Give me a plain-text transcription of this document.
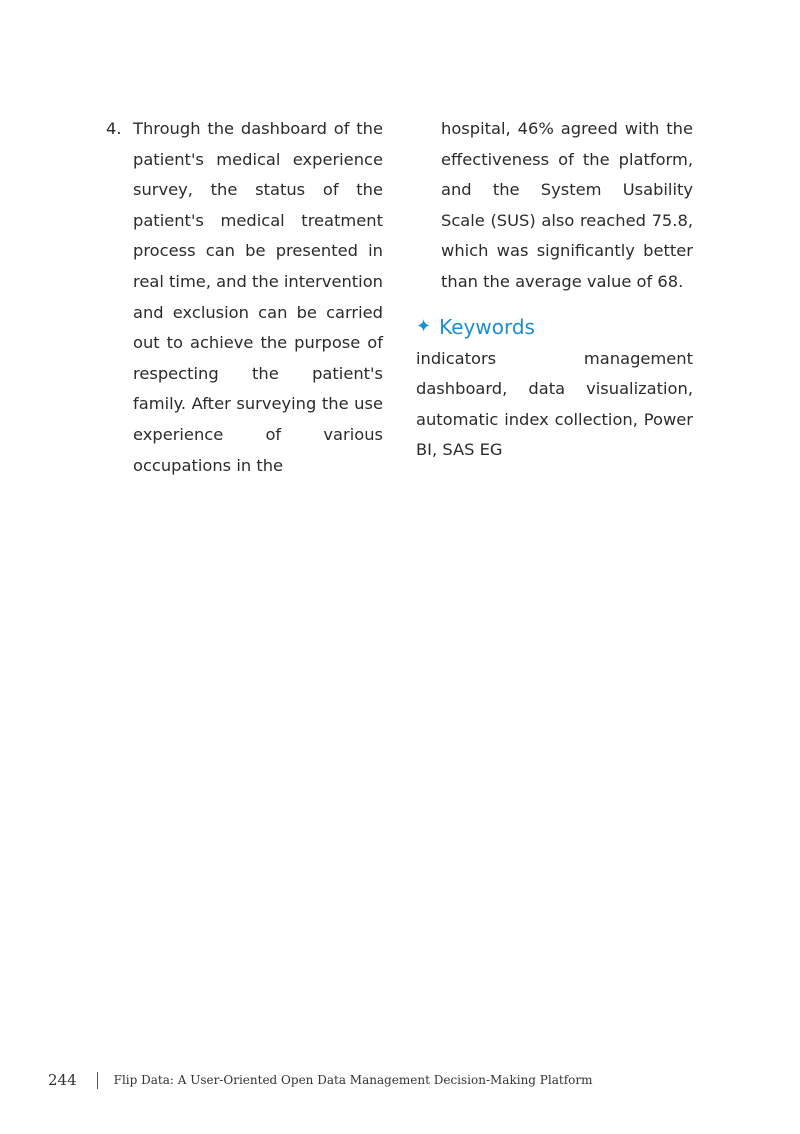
4. Through the dashboard of the patient's medical experience survey, the status of the patient's medical treatment process can be presented in real time, and the intervention and exclusion can be carried out to achieve the purpose of respecting the patient's family. After surveying the use experience of various occupations in the
hospital, 46% agreed with the effectiveness of the platform, and the System Usability Scale (SUS) also reached 75.8, which was significantly better than the average value of 68.
✦ Keywords
indicators management dashboard, data visualization, automatic index collection, Power BI, SAS EG
244	Flip Data: A User-Oriented Open Data Management Decision-Making Platform
